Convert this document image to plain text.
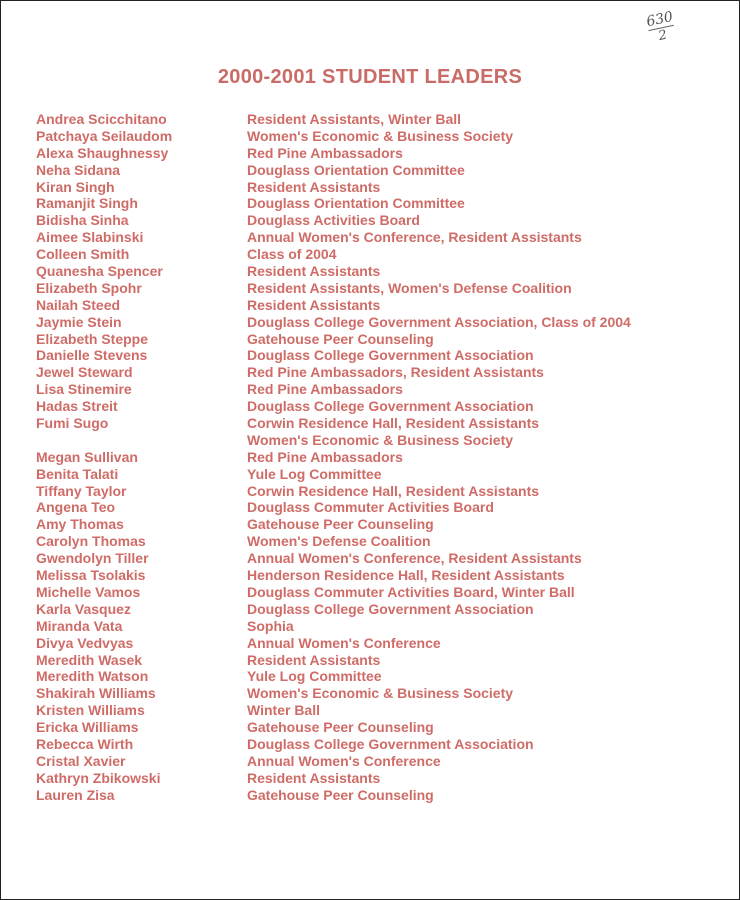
630
2
2000-2001 STUDENT LEADERS
Andrea Scicchitano	Resident Assistants, Winter Ball
Patchaya Seilaudom	Women's Economic & Business Society
Alexa Shaughnessy	Red Pine Ambassadors
Neha Sidana	Douglass Orientation Committee
Kiran Singh	Resident Assistants
Ramanjit Singh	Douglass Orientation Committee
Bidisha Sinha	Douglass Activities Board
Aimee Slabinski	Annual Women's Conference, Resident Assistants
Colleen Smith	Class of 2004
Quanesha Spencer	Resident Assistants
Elizabeth Spohr	Resident Assistants, Women's Defense Coalition
Nailah Steed	Resident Assistants
Jaymie Stein	Douglass College Government Association, Class of 2004
Elizabeth Steppe	Gatehouse Peer Counseling
Danielle Stevens	Douglass College Government Association
Jewel Steward	Red Pine Ambassadors, Resident Assistants
Lisa Stinemire	Red Pine Ambassadors
Hadas Streit	Douglass College Government Association
Fumi Sugo	Corwin Residence Hall, Resident Assistants
Women's Economic & Business Society
Megan Sullivan	Red Pine Ambassadors
Benita Talati	Yule Log Committee
Tiffany Taylor	Corwin Residence Hall, Resident Assistants
Angena Teo	Douglass Commuter Activities Board
Amy Thomas	Gatehouse Peer Counseling
Carolyn Thomas	Women's Defense Coalition
Gwendolyn Tiller	Annual Women's Conference, Resident Assistants
Melissa Tsolakis	Henderson Residence Hall, Resident Assistants
Michelle Vamos	Douglass Commuter Activities Board, Winter Ball
Karla Vasquez	Douglass College Government Association
Miranda Vata	Sophia
Divya Vedvyas	Annual Women's Conference
Meredith Wasek	Resident Assistants
Meredith Watson	Yule Log Committee
Shakirah Williams	Women's Economic & Business Society
Kristen Williams	Winter Ball
Ericka Williams	Gatehouse Peer Counseling
Rebecca Wirth	Douglass College Government Association
Cristal Xavier	Annual Women's Conference
Kathryn Zbikowski	Resident Assistants
Lauren Zisa	Gatehouse Peer Counseling
